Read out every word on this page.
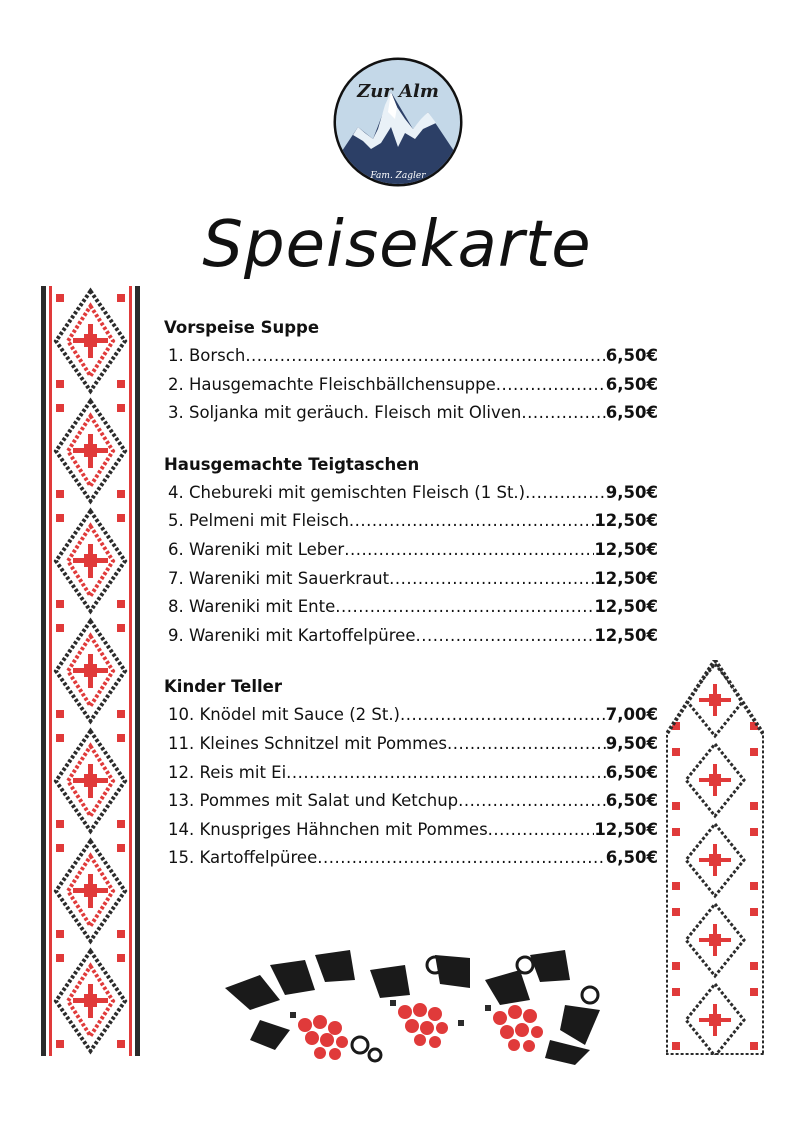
Zur Alm
Fam. Zagler
Speisekarte
Vorspeise Suppe
1. Borsch .....	6,50€
2. Hausgemachte Fleischbällchensuppe .....	6,50€
3. Soljanka mit geräuch. Fleisch mit Oliven .....	6,50€
Hausgemachte Teigtaschen
4. Chebureki mit gemischten Fleisch (1 St.) .....	9,50€
5. Pelmeni mit Fleisch .....	12,50€
6. Wareniki mit Leber .....	12,50€
7. Wareniki mit Sauerkraut .....	12,50€
8. Wareniki mit Ente .....	12,50€
9. Wareniki mit Kartoffelpüree .....	12,50€
Kinder Teller
10. Knödel mit Sauce (2 St.) .....	7,00€
11. Kleines Schnitzel mit Pommes .....	9,50€
12. Reis mit Ei .....	6,50€
13. Pommes mit Salat und Ketchup .....	6,50€
14. Knuspriges Hähnchen mit Pommes .....	12,50€
15. Kartoffelpüree .....	6,50€
